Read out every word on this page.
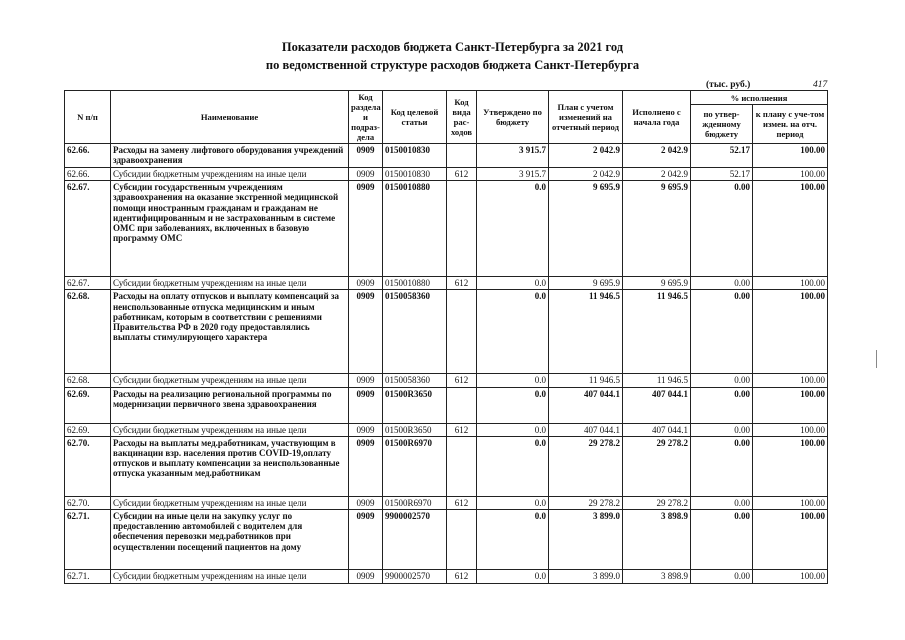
Показатели расходов бюджета Санкт-Петербурга за 2021 год
по ведомственной структуре расходов бюджета Санкт-Петербурга
(тыс. руб.)	417
N п/п	Наименование	Код раздела и подраз-дела	Код целевой статьи	Код вида рас-ходов	Утверждено по бюджету	План с учетом изменений на отчетный период	Исполнено с начала года	% исполнения	
								по утвер-жденному бюджету	к плану с уче-том измен. на отч. период
62.66.	Расходы на замену лифтового оборудования учреждений здравоохранения	0909	0150010830		3 915.7	2 042.9	2 042.9	52.17	100.00
62.66.	Субсидии бюджетным учреждениям на иные цели	0909	0150010830	612	3 915.7	2 042.9	2 042.9	52.17	100.00
62.67.	Субсидии государственным учреждениям здравоохранения на оказание экстренной медицинской помощи иностранным гражданам и гражданам не идентифицированным и не застрахованным в системе ОМС при заболеваниях, включенных в базовую программу ОМС	0909	0150010880		0.0	9 695.9	9 695.9	0.00	100.00
62.67.	Субсидии бюджетным учреждениям на иные цели	0909	0150010880	612	0.0	9 695.9	9 695.9	0.00	100.00
62.68.	Расходы на оплату отпусков и выплату компенсаций за неиспользованные отпуска медицинским и иным работникам, которым в соответствии с решениями Правительства РФ в 2020 году предоставлялись выплаты стимулирующего характера	0909	0150058360		0.0	11 946.5	11 946.5	0.00	100.00
62.68.	Субсидии бюджетным учреждениям на иные цели	0909	0150058360	612	0.0	11 946.5	11 946.5	0.00	100.00
62.69.	Расходы на реализацию региональной программы по модернизации первичного звена здравоохранения	0909	01500R3650		0.0	407 044.1	407 044.1	0.00	100.00
62.69.	Субсидии бюджетным учреждениям на иные цели	0909	01500R3650	612	0.0	407 044.1	407 044.1	0.00	100.00
62.70.	Расходы на выплаты мед.работникам, участвующим в вакцинации взр. населения против COVID-19,оплату отпусков и выплату компенсации за неиспользованные отпуска указанным мед.работникам	0909	01500R6970		0.0	29 278.2	29 278.2	0.00	100.00
62.70.	Субсидии бюджетным учреждениям на иные цели	0909	01500R6970	612	0.0	29 278.2	29 278.2	0.00	100.00
62.71.	Субсидии на иные цели на закупку услуг по предоставлению автомобилей с водителем для обеспечения перевозки мед.работников при осуществлении посещений пациентов на дому	0909	9900002570		0.0	3 899.0	3 898.9	0.00	100.00
62.71.	Субсидии бюджетным учреждениям на иные цели	0909	9900002570	612	0.0	3 899.0	3 898.9	0.00	100.00
